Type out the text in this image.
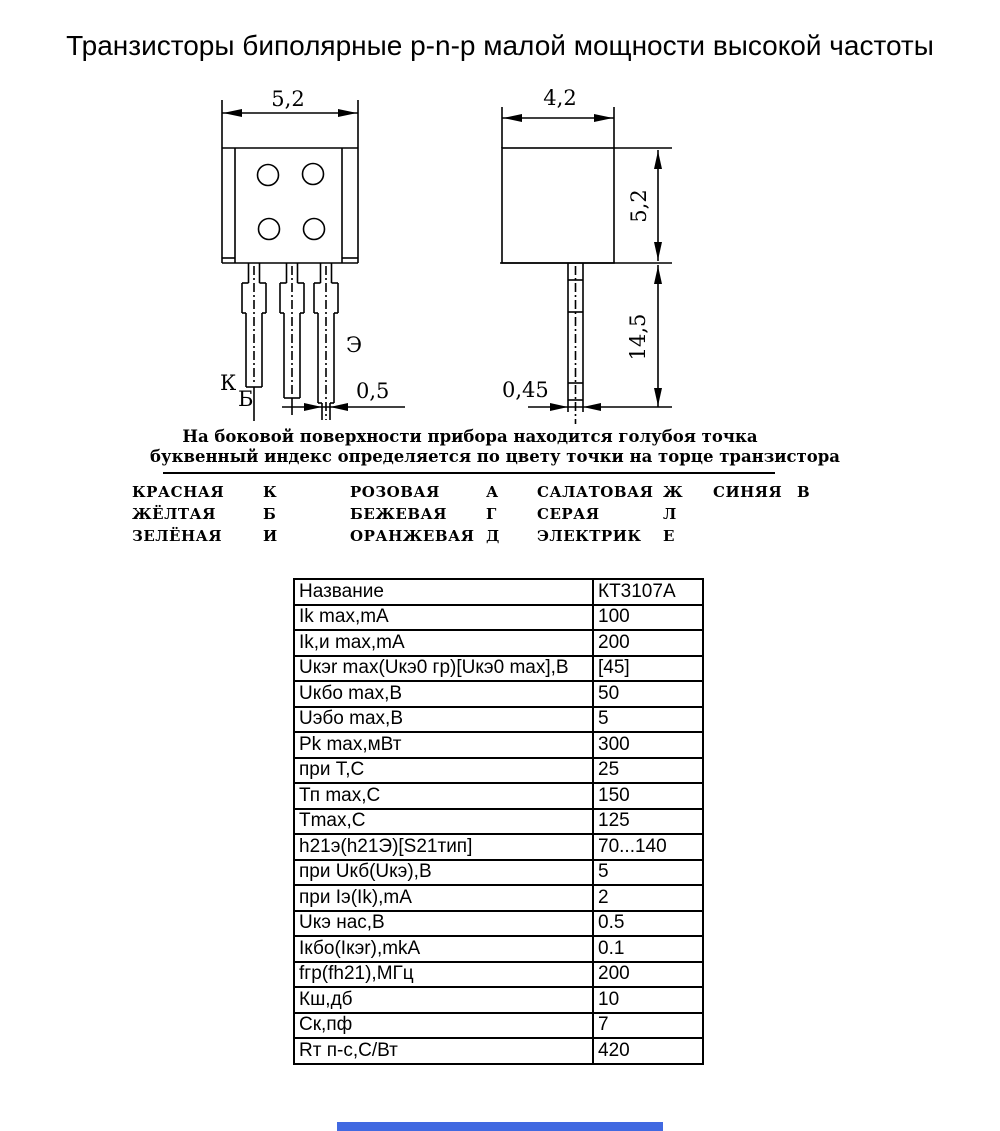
Транзисторы биполярные p-n-p малой мощности высокой частоты
5,2
К
Б
Э
0,5
4,2
5,2
14,5
0,45
На боковой поверхности прибора находится голубоя точка
буквенный индекс определяется по цвету точки на торце транзистора
КРАСНАЯ	К	РОЗОВАЯ	А	САЛАТОВАЯ Ж	СИНЯЯ В
ЖЁЛТАЯ	Б	БЕЖЕВАЯ	Г	СЕРАЯ	Л
ЗЕЛЁНАЯ	И	ОРАНЖЕВАЯ Д	ЭЛЕКТРИК	Е
Название	КТ3107А
Ik max,mA	100
Ik,и max,mA	200
Uкэr max(Uкэ0 гр)[Uкэ0 max],В	[45]
Uкбо max,В	50
Uэбо max,В	5
Pk max,мВт	300
при Т,С	25
Тп max,С	150
Tmax,С	125
h21э(h21Э)[S21тип]	70...140
при Uкб(Uкэ),В	5
при Iэ(Ik),mA	2
Uкэ нас,В	0.5
Iкбо(Iкэr),mkA	0.1
fгр(fh21),МГц	200
Кш,дб	10
Ск,пф	7
Rт п-с,С/Вт	420
